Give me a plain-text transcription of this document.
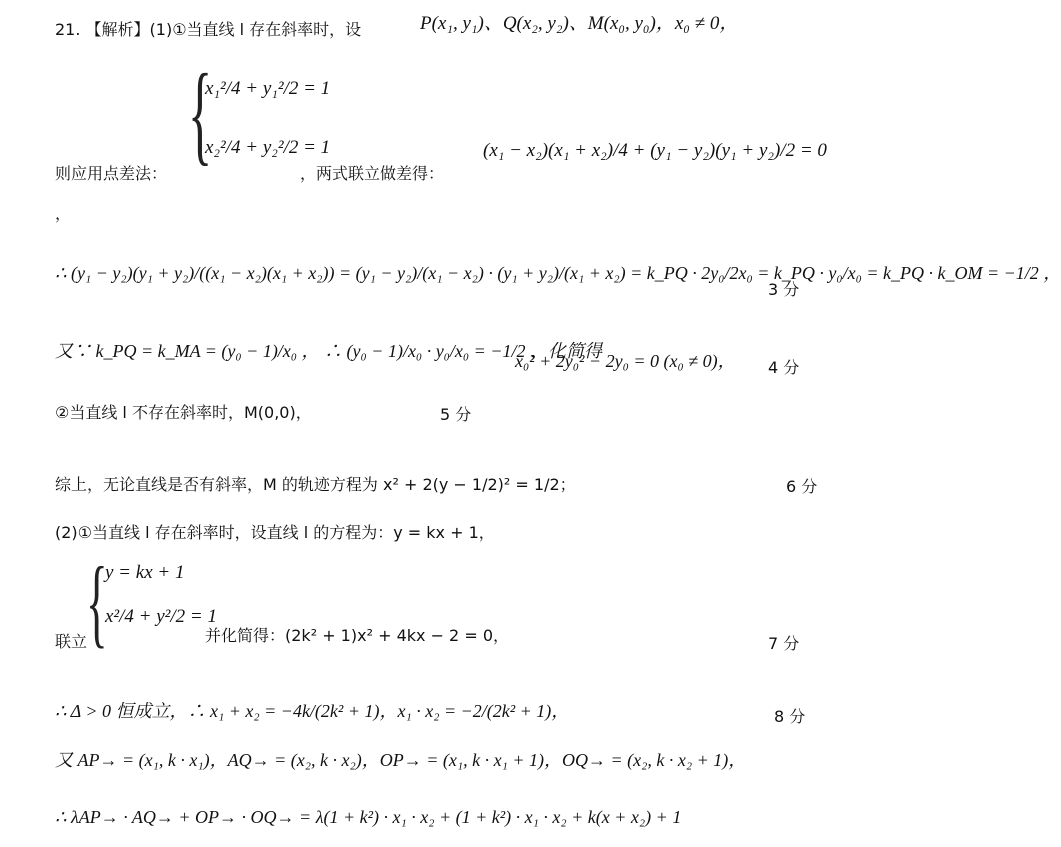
21. 【解析】(1)①当直线 l 存在斜率时，设	P(x₁, y₁)、Q(x₂, y₂)、M(x₀, y₀)，x₀ ≠ 0，
{
x₁²/4 + y₁²/2 = 1
x₂²/4 + y₂²/2 = 1
则应用点差法：	，两式联立做差得：
(x₁ − x₂)(x₁ + x₂)/4 + (y₁ − y₂)(y₁ + y₂)/2 = 0
，
∴ (y₁ − y₂)(y₁ + y₂)/((x₁ − x₂)(x₁ + x₂)) = (y₁ − y₂)/(x₁ − x₂) · (y₁ + y₂)/(x₁ + x₂) = k_PQ · 2y₀/2x₀ = k_PQ · y₀/x₀ = k_PQ · k_OM = −1/2 ，
3 分
又∵ k_PQ = k_MA = (y₀ − 1)/x₀ ， ∴ (y₀ − 1)/x₀ · y₀/x₀ = −1/2 ，化简得
x₀² + 2y₀² − 2y₀ = 0 (x₀ ≠ 0)， 4 分
②当直线 l 不存在斜率时，M(0,0)，	5 分
综上，无论直线是否有斜率，M 的轨迹方程为 x² + 2(y − 1/2)² = 1/2；	6 分
(2)①当直线 l 存在斜率时，设直线 l 的方程为：y = kx + 1，
{
y = kx + 1
x²/4 + y²/2 = 1
联立	并化简得：(2k² + 1)x² + 4kx − 2 = 0，	7 分
∴ Δ > 0 恒成立，∴ x₁ + x₂ = −4k/(2k² + 1)，x₁ · x₂ = −2/(2k² + 1)，	8 分
又 AP→ = (x₁, k · x₁)，AQ→ = (x₂, k · x₂)，OP→ = (x₁, k · x₁ + 1)，OQ→ = (x₂, k · x₂ + 1)，
∴ λAP→ · AQ→ + OP→ · OQ→ = λ(1 + k²) · x₁ · x₂ + (1 + k²) · x₁ · x₂ + k(x + x₂) + 1
